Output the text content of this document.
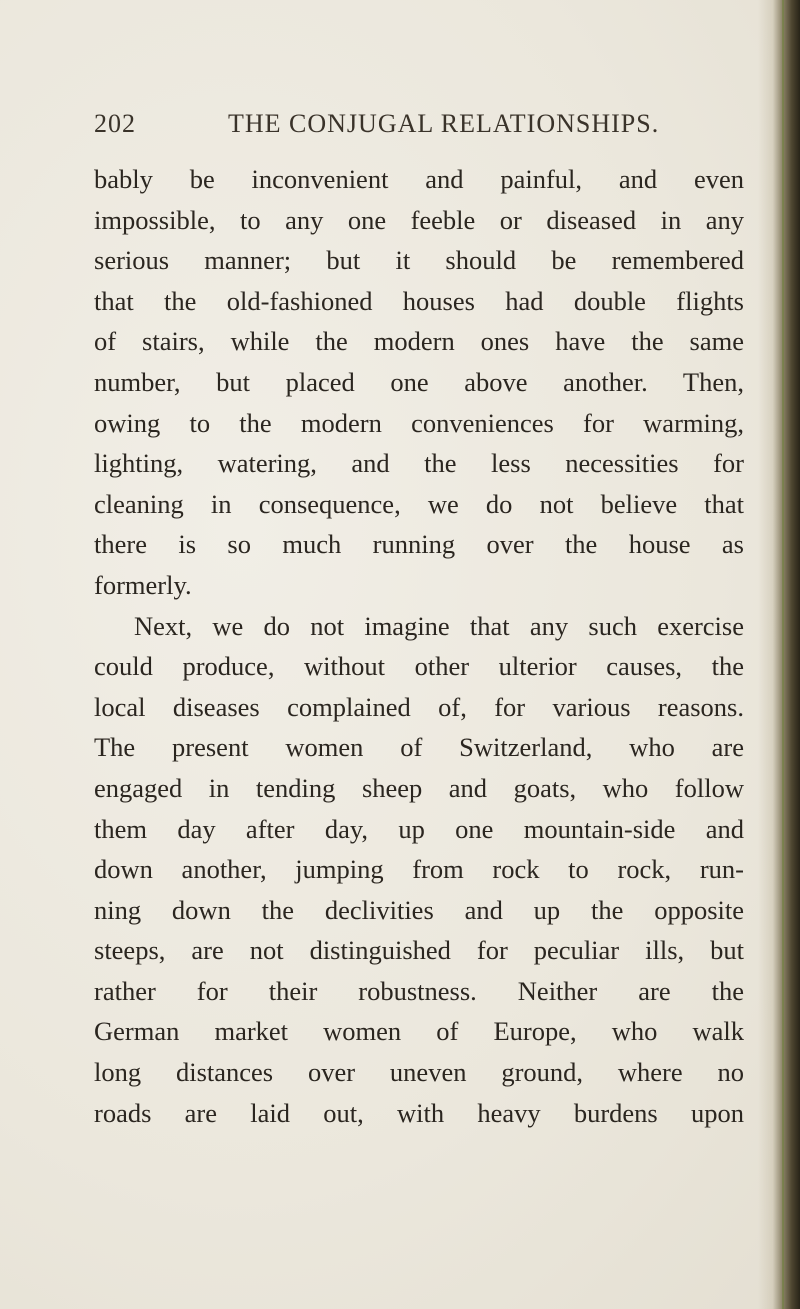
202	THE CONJUGAL RELATIONSHIPS.
bably be inconvenient and painful, and even
impossible, to any one feeble or diseased in any
serious manner; but it should be remembered
that the old-fashioned houses had double flights
of stairs, while the modern ones have the same
number, but placed one above another. Then,
owing to the modern conveniences for warming,
lighting, watering, and the less necessities for
cleaning in consequence, we do not believe that
there is so much running over the house as
formerly.
Next, we do not imagine that any such exercise
could produce, without other ulterior causes, the
local diseases complained of, for various reasons.
The present women of Switzerland, who are
engaged in tending sheep and goats, who follow
them day after day, up one mountain-side and
down another, jumping from rock to rock, run-
ning down the declivities and up the opposite
steeps, are not distinguished for peculiar ills, but
rather for their robustness. Neither are the
German market women of Europe, who walk
long distances over uneven ground, where no
roads are laid out, with heavy burdens upon
